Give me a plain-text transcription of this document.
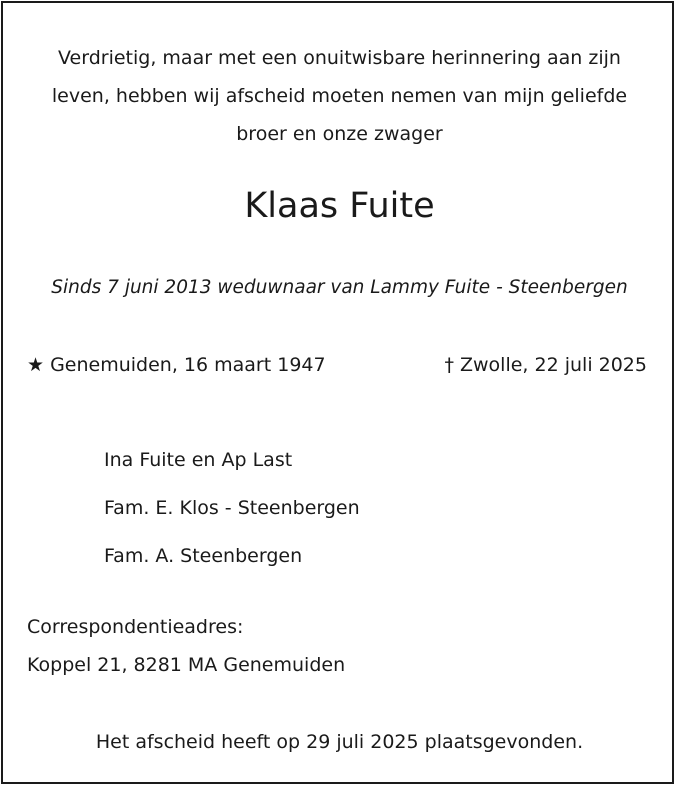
Verdrietig, maar met een onuitwisbare herinnering aan zijn
leven, hebben wij afscheid moeten nemen van mijn geliefde
broer en onze zwager

Klaas Fuite

Sinds 7 juni 2013 weduwnaar van Lammy Fuite - Steenbergen

★ Genemuiden, 16 maart 1947	† Zwolle, 22 juli 2025

Ina Fuite en Ap Last
Fam. E. Klos - Steenbergen
Fam. A. Steenbergen
Correspondentieadres:
Koppel 21, 8281 MA Genemuiden

Het afscheid heeft op 29 juli 2025 plaatsgevonden.
